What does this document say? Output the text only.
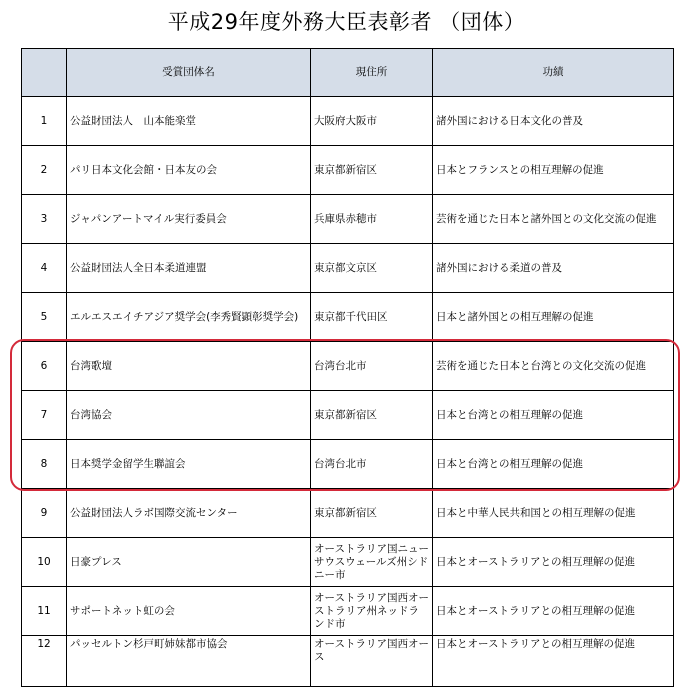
平成29年度外務大臣表彰者 （団体）
	受賞団体名	現住所	功績
1	公益財団法人　山本能楽堂	大阪府大阪市	諸外国における日本文化の普及
2	パリ日本文化会館・日本友の会	東京都新宿区	日本とフランスとの相互理解の促進
3	ジャパンアートマイル実行委員会	兵庫県赤穂市	芸術を通じた日本と諸外国との文化交流の促進
4	公益財団法人全日本柔道連盟	東京都文京区	諸外国における柔道の普及
5	エルエスエイチアジア奨学会(李秀賢顕彰奨学会)	東京都千代田区	日本と諸外国との相互理解の促進
6	台湾歌壇	台湾台北市	芸術を通じた日本と台湾との文化交流の促進
7	台湾協会	東京都新宿区	日本と台湾との相互理解の促進
8	日本奨学金留学生聯誼会	台湾台北市	日本と台湾との相互理解の促進
9	公益財団法人ラボ国際交流センター	東京都新宿区	日本と中華人民共和国との相互理解の促進
10	日豪プレス	オーストラリア国ニューサウスウェールズ州シドニー市	日本とオーストラリアとの相互理解の促進
11	サポートネット虹の会	オーストラリア国西オーストラリア州ネッドランド市	日本とオーストラリアとの相互理解の促進
12	パッセルトン杉戸町姉妹都市協会	オーストラリア国西オース	日本とオーストラリアとの相互理解の促進
